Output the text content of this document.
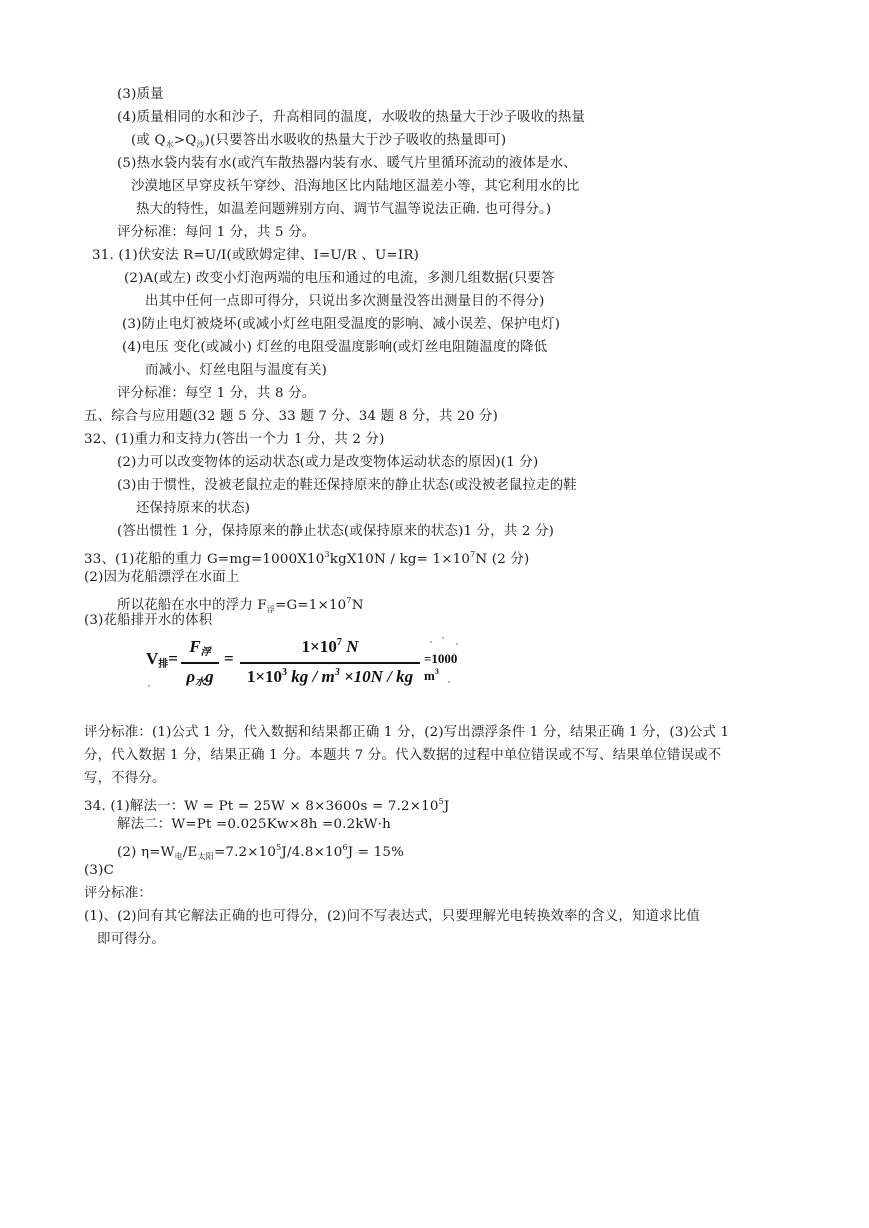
(3)质量
(4)质量相同的水和沙子，升高相同的温度，水吸收的热量大于沙子吸收的热量
(或 $Q_水>Q_沙$)(只要答出水吸收的热量大于沙子吸收的热量即可)
(5)热水袋内装有水(或汽车散热器内装有水、暖气片里循环流动的液体是水、
沙漠地区早穿皮袄午穿纱、沿海地区比内陆地区温差小等，其它利用水的比
热大的特性，如温差问题辨别方向、调节气温等说法正确. 也可得分。)
评分标准：每问 1 分，共 5 分。
31. (1)伏安法 R=U/I(或欧姆定律、I=U/R 、U=IR)
(2)A(或左) 改变小灯泡两端的电压和通过的电流，多测几组数据(只要答
出其中任何一点即可得分，只说出多次测量没答出测量目的不得分)
(3)防止电灯被烧坏(或减小灯丝电阻受温度的影响、减小误差、保护电灯)
(4)电压 变化(或减小) 灯丝的电阻受温度影响(或灯丝电阻随温度的降低
而减小、灯丝电阻与温度有关)
评分标准：每空 1 分，共 8 分。
五、综合与应用题(32 题 5 分、33 题 7 分、34 题 8 分，共 20 分)
32、(1)重力和支持力(答出一个力 1 分，共 2 分)
(2)力可以改变物体的运动状态(或力是改变物体运动状态的原因)(1 分)
(3)由于惯性，没被老鼠拉走的鞋还保持原来的静止状态(或没被老鼠拉走的鞋
还保持原来的状态)
(答出惯性 1 分，保持原来的静止状态(或保持原来的状态)1 分，共 2 分)
33、(1)花船的重力 $G=mg=1000X10^3kgX10N / kg= 1\times 10^7N$ (2 分)
(2)因为花船漂浮在水面上
所以花船在水中的浮力 $F_浮=G=1\times 10^7N$
(3)花船排开水的体积
V排=
F浮
ρ水g
=
$1\times 10^7$ N
$1\times 10^3$ kg / $m^3 \times 10N$ / kg
=1000 $m^3$
评分标准：(1)公式 1 分，代入数据和结果都正确 1 分，(2)写出漂浮条件 1 分，结果正确 1 分，(3)公式 1
分，代入数据 1 分，结果正确 1 分。本题共 7 分。代入数据的过程中单位错误或不写、结果单位错误或不
写，不得分。
34. (1)解法一：$W = Pt = 25W \times 8\times 3600s = 7.2\times 10^5J$
解法二：W=Pt =0.025Kw×8h =0.2kW·h
(2) $\eta=W_电/E_{太阳}=7.2\times 10^5J/4.8\times 10^6J = 15\%$
(3)C
评分标准：
(1)、(2)问有其它解法正确的也可得分，(2)问不写表达式，只要理解光电转换效率的含义，知道求比值
即可得分。
